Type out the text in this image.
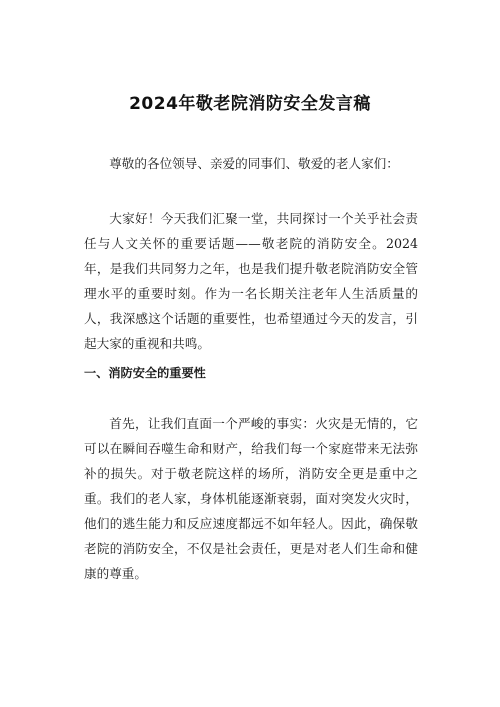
2024年敬老院消防安全发言稿

尊敬的各位领导、亲爱的同事们、敬爱的老人家们：

大家好！今天我们汇聚一堂，共同探讨一个关乎社会责任与人文关怀的重要话题——敬老院的消防安全。2024年，是我们共同努力之年，也是我们提升敬老院消防安全管理水平的重要时刻。作为一名长期关注老年人生活质量的人，我深感这个话题的重要性，也希望通过今天的发言，引起大家的重视和共鸣。

一、消防安全的重要性

首先，让我们直面一个严峻的事实：火灾是无情的，它可以在瞬间吞噬生命和财产，给我们每一个家庭带来无法弥补的损失。对于敬老院这样的场所，消防安全更是重中之重。我们的老人家，身体机能逐渐衰弱，面对突发火灾时，他们的逃生能力和反应速度都远不如年轻人。因此，确保敬老院的消防安全，不仅是社会责任，更是对老人们生命和健康的尊重。
